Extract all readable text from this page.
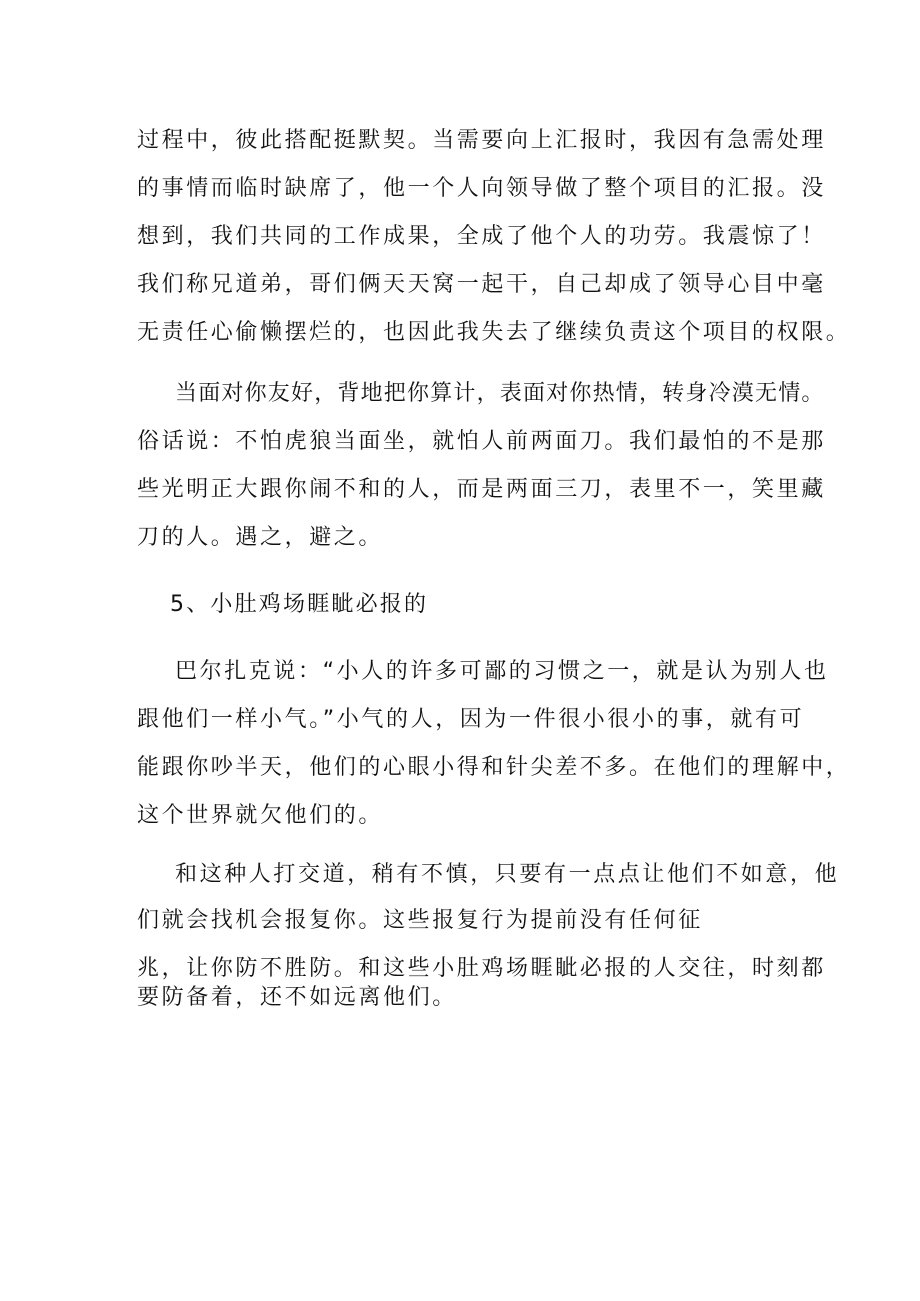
过程中，彼此搭配挺默契。当需要向上汇报时，我因有急需处理
的事情而临时缺席了，他一个人向领导做了整个项目的汇报。没
想到，我们共同的工作成果，全成了他个人的功劳。我震惊了！
我们称兄道弟，哥们俩天天窝一起干，自己却成了领导心目中毫
无责任心偷懒摆烂的，也因此我失去了继续负责这个项目的权限。
当面对你友好，背地把你算计，表面对你热情，转身冷漠无情。
俗话说：不怕虎狼当面坐，就怕人前两面刀。我们最怕的不是那
些光明正大跟你闹不和的人，而是两面三刀，表里不一，笑里藏
刀的人。遇之，避之。
5、小肚鸡场睚眦必报的
巴尔扎克说：“小人的许多可鄙的习惯之一，就是认为别人也
跟他们一样小气。”小气的人，因为一件很小很小的事，就有可
能跟你吵半天，他们的心眼小得和针尖差不多。在他们的理解中，
这个世界就欠他们的。
和这种人打交道，稍有不慎，只要有一点点让他们不如意，他
们就会找机会报复你。这些报复行为提前没有任何征
兆，让你防不胜防。和这些小肚鸡场睚眦必报的人交往，时刻都
要防备着，还不如远离他们。
